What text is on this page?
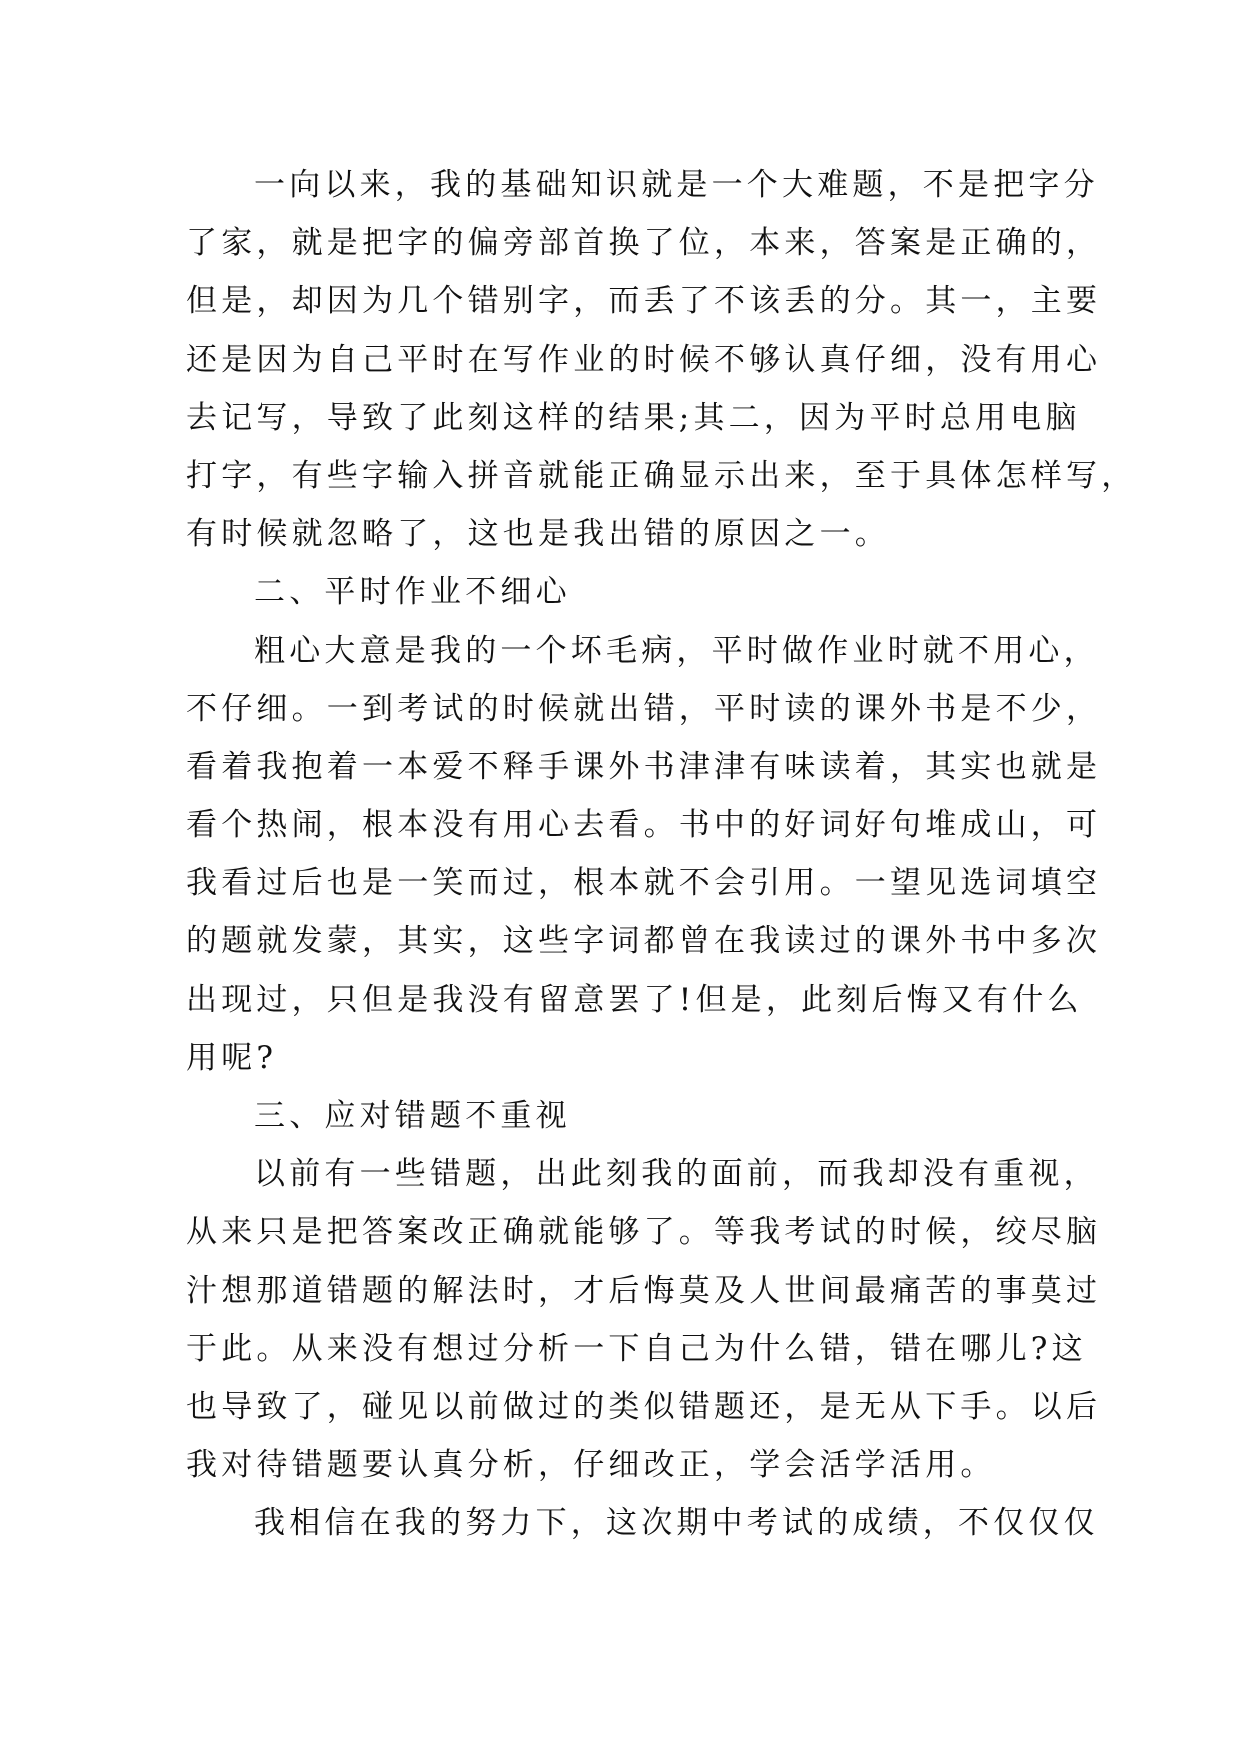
一向以来，我的基础知识就是一个大难题，不是把字分
了家，就是把字的偏旁部首换了位，本来，答案是正确的，
但是，却因为几个错别字，而丢了不该丢的分。其一，主要
还是因为自己平时在写作业的时候不够认真仔细，没有用心
去记写，导致了此刻这样的结果;其二，因为平时总用电脑
打字，有些字输入拼音就能正确显示出来，至于具体怎样写，
有时候就忽略了，这也是我出错的原因之一。
二、平时作业不细心
粗心大意是我的一个坏毛病，平时做作业时就不用心，
不仔细。一到考试的时候就出错，平时读的课外书是不少，
看着我抱着一本爱不释手课外书津津有味读着，其实也就是
看个热闹，根本没有用心去看。书中的好词好句堆成山，可
我看过后也是一笑而过，根本就不会引用。一望见选词填空
的题就发蒙，其实，这些字词都曾在我读过的课外书中多次
出现过，只但是我没有留意罢了!但是，此刻后悔又有什么
用呢?
三、应对错题不重视
以前有一些错题，出此刻我的面前，而我却没有重视，
从来只是把答案改正确就能够了。等我考试的时候，绞尽脑
汁想那道错题的解法时，才后悔莫及人世间最痛苦的事莫过
于此。从来没有想过分析一下自己为什么错，错在哪儿?这
也导致了，碰见以前做过的类似错题还，是无从下手。以后
我对待错题要认真分析，仔细改正，学会活学活用。
我相信在我的努力下，这次期中考试的成绩，不仅仅仅
